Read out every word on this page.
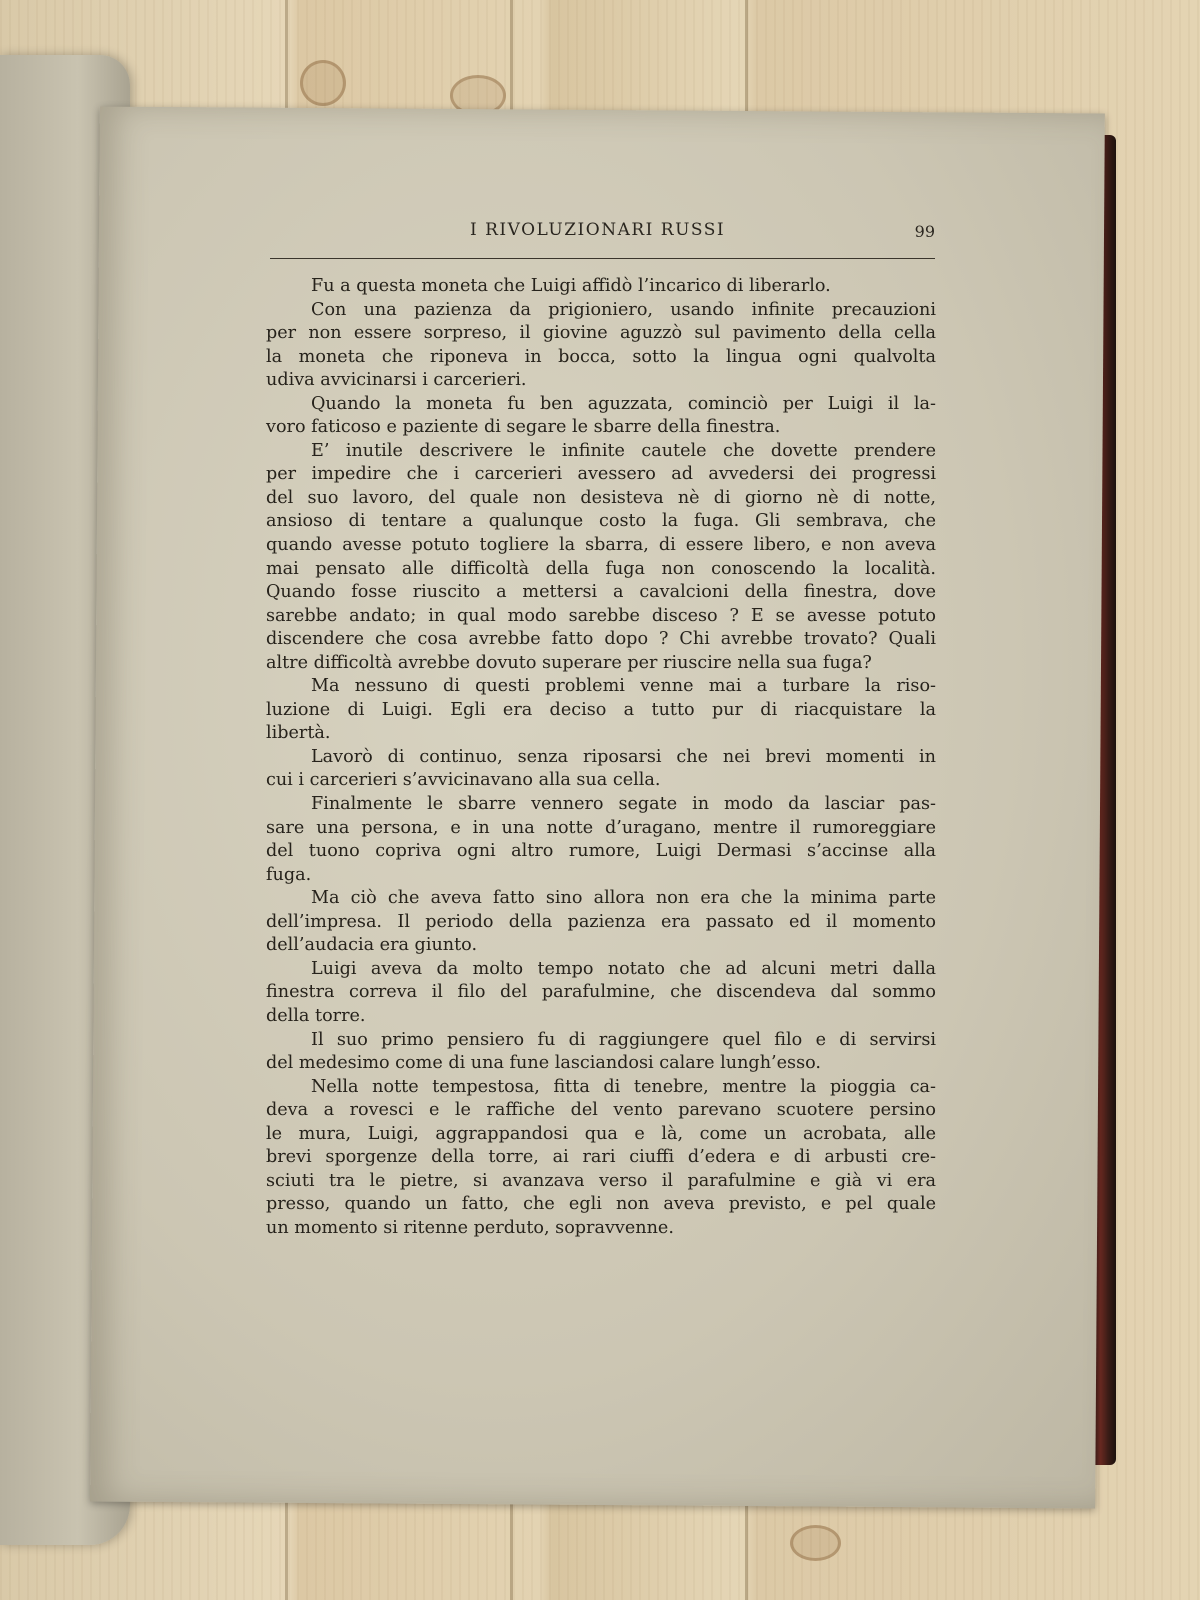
I RIVOLUZIONARI RUSSI	99
Fu a questa moneta che Luigi affidò l’incarico di liberarlo.
Con una pazienza da prigioniero, usando infinite precauzioni
per non essere sorpreso, il giovine aguzzò sul pavimento della cella
la moneta che riponeva in bocca, sotto la lingua ogni qualvolta
udiva avvicinarsi i carcerieri.
Quando la moneta fu ben aguzzata, cominciò per Luigi il la-
voro faticoso e paziente di segare le sbarre della finestra.
E’ inutile descrivere le infinite cautele che dovette prendere
per impedire che i carcerieri avessero ad avvedersi dei progressi
del suo lavoro, del quale non desisteva nè di giorno nè di notte,
ansioso di tentare a qualunque costo la fuga. Gli sembrava, che
quando avesse potuto togliere la sbarra, di essere libero, e non aveva
mai pensato alle difficoltà della fuga non conoscendo la località.
Quando fosse riuscito a mettersi a cavalcioni della finestra, dove
sarebbe andato; in qual modo sarebbe disceso ? E se avesse potuto
discendere che cosa avrebbe fatto dopo ? Chi avrebbe trovato? Quali
altre difficoltà avrebbe dovuto superare per riuscire nella sua fuga?
Ma nessuno di questi problemi venne mai a turbare la riso-
luzione di Luigi. Egli era deciso a tutto pur di riacquistare la
libertà.
Lavorò di continuo, senza riposarsi che nei brevi momenti in
cui i carcerieri s’avvicinavano alla sua cella.
Finalmente le sbarre vennero segate in modo da lasciar pas-
sare una persona, e in una notte d’uragano, mentre il rumoreggiare
del tuono copriva ogni altro rumore, Luigi Dermasi s’accinse alla
fuga.
Ma ciò che aveva fatto sino allora non era che la minima parte
dell’impresa. Il periodo della pazienza era passato ed il momento
dell’audacia era giunto.
Luigi aveva da molto tempo notato che ad alcuni metri dalla
finestra correva il filo del parafulmine, che discendeva dal sommo
della torre.
Il suo primo pensiero fu di raggiungere quel filo e di servirsi
del medesimo come di una fune lasciandosi calare lungh’esso.
Nella notte tempestosa, fitta di tenebre, mentre la pioggia ca-
deva a rovesci e le raffiche del vento parevano scuotere persino
le mura, Luigi, aggrappandosi qua e là, come un acrobata, alle
brevi sporgenze della torre, ai rari ciuffi d’edera e di arbusti cre-
sciuti tra le pietre, si avanzava verso il parafulmine e già vi era
presso, quando un fatto, che egli non aveva previsto, e pel quale
un momento si ritenne perduto, sopravvenne.
